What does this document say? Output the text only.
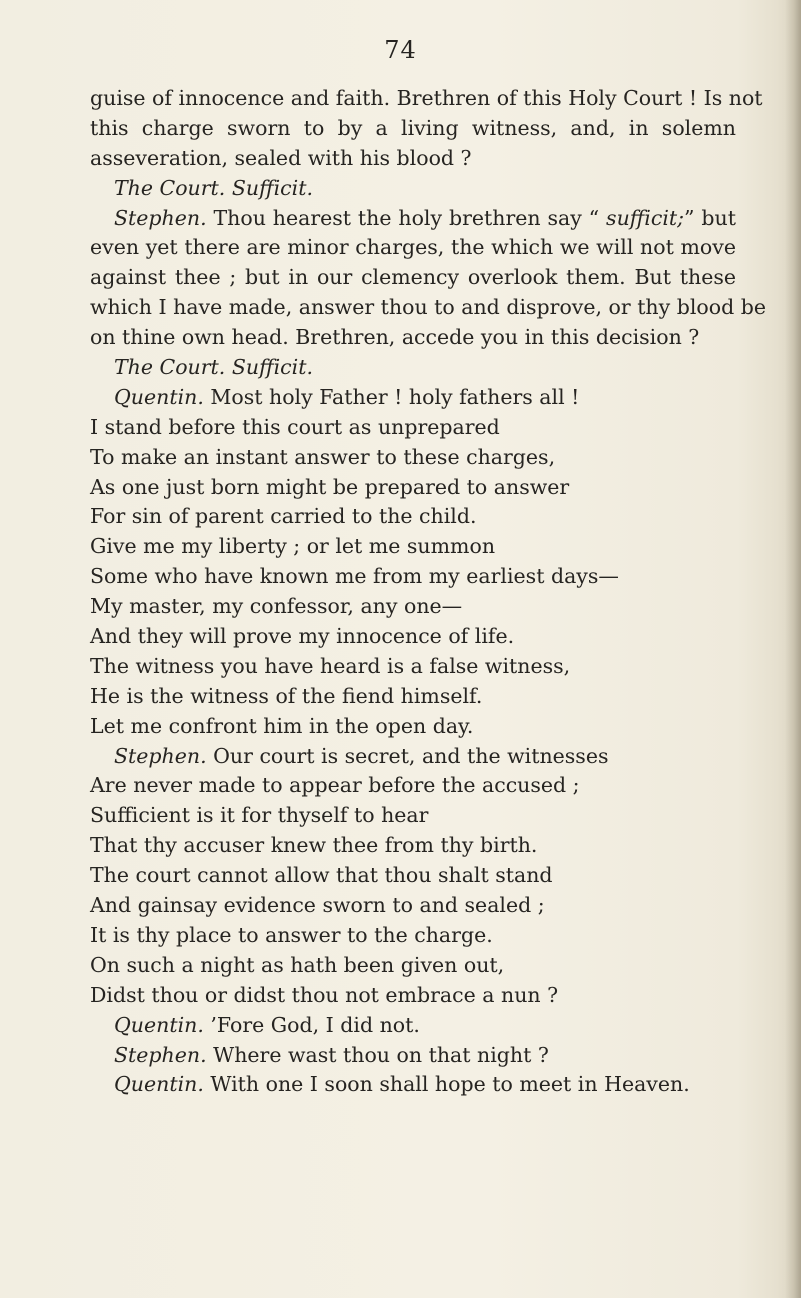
74
guise of innocence and faith. Brethren of this Holy Court ! Is not
this charge sworn to by a living witness, and, in solemn
asseveration, sealed with his blood ?
The Court. Sufficit.
Stephen. Thou hearest the holy brethren say “ sufficit;” but
even yet there are minor charges, the which we will not move
against thee ; but in our clemency overlook them. But these
which I have made, answer thou to and disprove, or thy blood be
on thine own head. Brethren, accede you in this decision ?
The Court. Sufficit.
Quentin. Most holy Father ! holy fathers all !
I stand before this court as unprepared
To make an instant answer to these charges,
As one just born might be prepared to answer
For sin of parent carried to the child.
Give me my liberty ; or let me summon
Some who have known me from my earliest days—
My master, my confessor, any one—
And they will prove my innocence of life.
The witness you have heard is a false witness,
He is the witness of the fiend himself.
Let me confront him in the open day.
Stephen. Our court is secret, and the witnesses
Are never made to appear before the accused ;
Sufficient is it for thyself to hear
That thy accuser knew thee from thy birth.
The court cannot allow that thou shalt stand
And gainsay evidence sworn to and sealed ;
It is thy place to answer to the charge.
On such a night as hath been given out,
Didst thou or didst thou not embrace a nun ?
Quentin. ’Fore God, I did not.
Stephen. Where wast thou on that night ?
Quentin. With one I soon shall hope to meet in Heaven.
